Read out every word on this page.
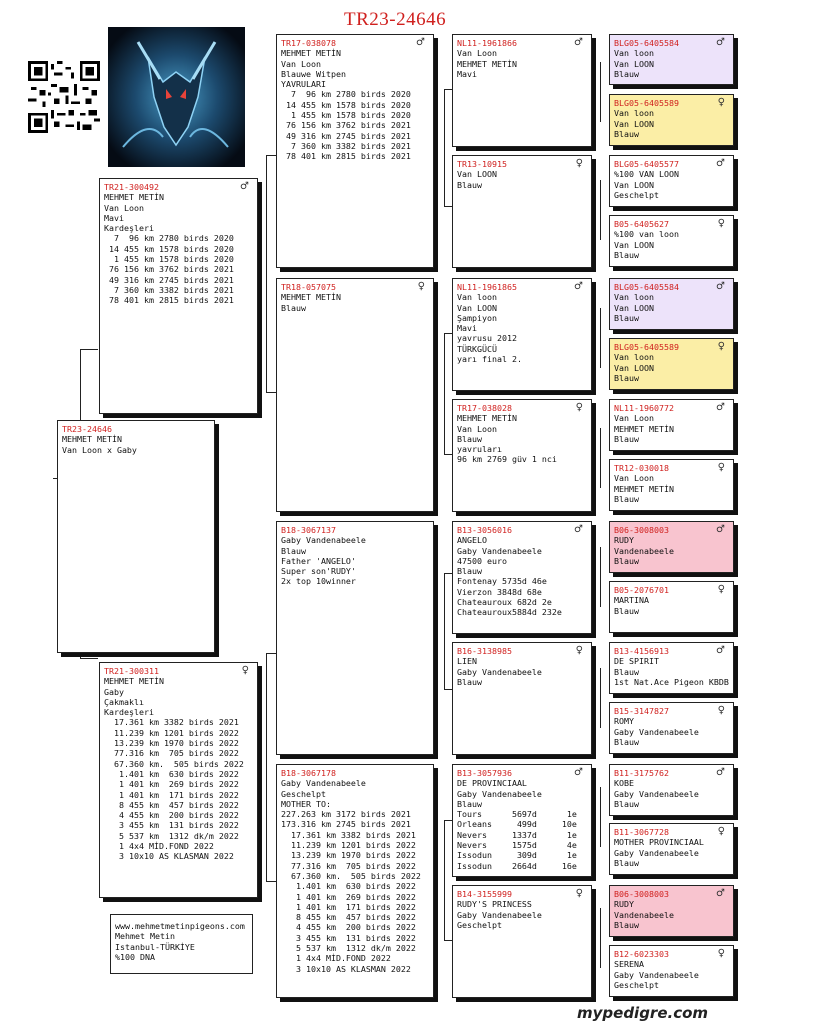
TR23-24646
TR23-24646
MEHMET METİN
Van Loon x Gaby
TR21-300492	♂
MEHMET METİN
Van Loon
Mavi
Kardeşleri
7  96 km 2780 birds 2020
14 455 km 1578 birds 2020
1 455 km 1578 birds 2020
76 156 km 3762 birds 2021
49 316 km 2745 birds 2021
7 360 km 3382 birds 2021
78 401 km 2815 birds 2021
TR21-300311	♀
MEHMET METİN
Gaby
Çakmaklı
Kardeşleri
17.361 km 3382 birds 2021
11.239 km 1201 birds 2022
13.239 km 1970 birds 2022
77.316 km  705 birds 2022
67.360 km.  505 birds 2022
1.401 km  630 birds 2022
1 401 km  269 birds 2022
1 401 km  171 birds 2022
8 455 km  457 birds 2022
4 455 km  200 birds 2022
3 455 km  131 birds 2022
5 537 km  1312 dk/m 2022
1 4x4 MİD.FOND 2022
3 10x10 AS KLASMAN 2022
TR17-038078	♂
MEHMET METİN
Van Loon
Blauwe Witpen
YAVRULARI
7  96 km 2780 birds 2020
14 455 km 1578 birds 2020
1 455 km 1578 birds 2020
76 156 km 3762 birds 2021
49 316 km 2745 birds 2021
7 360 km 3382 birds 2021
78 401 km 2815 birds 2021
TR18-057075	♀
MEHMET METİN
Blauw
B18-3067137
Gaby Vandenabeele
Blauw
Father 'ANGELO'
Super son'RUDY'
2x top 10winner
B18-3067178
Gaby Vandenabeele
Geschelpt
MOTHER TO:
227.263 km 3172 birds 2021
173.316 km 2745 birds 2021
17.361 km 3382 birds 2021
11.239 km 1201 birds 2022
13.239 km 1970 birds 2022
77.316 km  705 birds 2022
67.360 km.  505 birds 2022
1.401 km  630 birds 2022
1 401 km  269 birds 2022
1 401 km  171 birds 2022
8 455 km  457 birds 2022
4 455 km  200 birds 2022
3 455 km  131 birds 2022
5 537 km  1312 dk/m 2022
1 4x4 MİD.FOND 2022
3 10x10 AS KLASMAN 2022
NL11-1961866	♂
Van Loon
MEHMET METİN
Mavi
TR13-10915	♀
Van LOON
Blauw
NL11-1961865	♂
Van loon
Van LOON
Şampiyon
Mavi
yavrusu 2012
TÜRKGÜCÜ
yarı final 2.
TR17-038028	♀
MEHMET METİN
Van Loon
Blauw
yavruları
96 km 2769 güv 1 nci
B13-3056016	♂
ANGELO
Gaby Vandenabeele
47500 euro
Blauw
Fontenay 5735d 46e
Vierzon 3848d 68e
Chateauroux 682d 2e
Chateauroux5884d 232e
B16-3138985	♀
LIEN
Gaby Vandenabeele
Blauw
B13-3057936	♂
DE PROVINCIAAL
Gaby Vandenabeele
Blauw
Tours      5697d      1e
Orleans     499d     10e
Nevers     1337d      1e
Nevers     1575d      4e
Issodun     309d      1e
Issodun    2664d     16e
B14-3155999	♀
RUDY'S PRINCESS
Gaby Vandenabeele
Geschelpt
BLG05-6405584	♂
Van loon
Van LOON
Blauw
BLG05-6405589	♀
Van loon
Van LOON
Blauw
BLG05-6405577	♂
%100 VAN LOON
Van LOON
Geschelpt
B05-6405627	♀
%100 van loon
Van LOON
Blauw
BLG05-6405584	♂
Van loon
Van LOON
Blauw
BLG05-6405589	♀
Van loon
Van LOON
Blauw
NL11-1960772	♂
Van Loon
MEHMET METİN
Blauw
TR12-030018	♀
Van Loon
MEHMET METİN
Blauw
B06-3008003	♂
RUDY
Vandenabeele
Blauw
B05-2076701	♀
MARTINA
Blauw
B13-4156913	♂
DE SPIRIT
Blauw
1st Nat.Ace Pigeon KBDB
B15-3147827	♀
ROMY
Gaby Vandenabeele
Blauw
B11-3175762	♂
KOBE
Gaby Vandenabeele
Blauw
B11-3067728	♀
MOTHER PROVINCIAAL
Gaby Vandenabeele
Blauw
B06-3008003	♂
RUDY
Vandenabeele
Blauw
B12-6023303	♀
SERENA
Gaby Vandenabeele
Geschelpt
www.mehmetmetinpigeons.com
Mehmet Metin
Istanbul-TÜRKİYE
%100 DNA
mypedigre.com
